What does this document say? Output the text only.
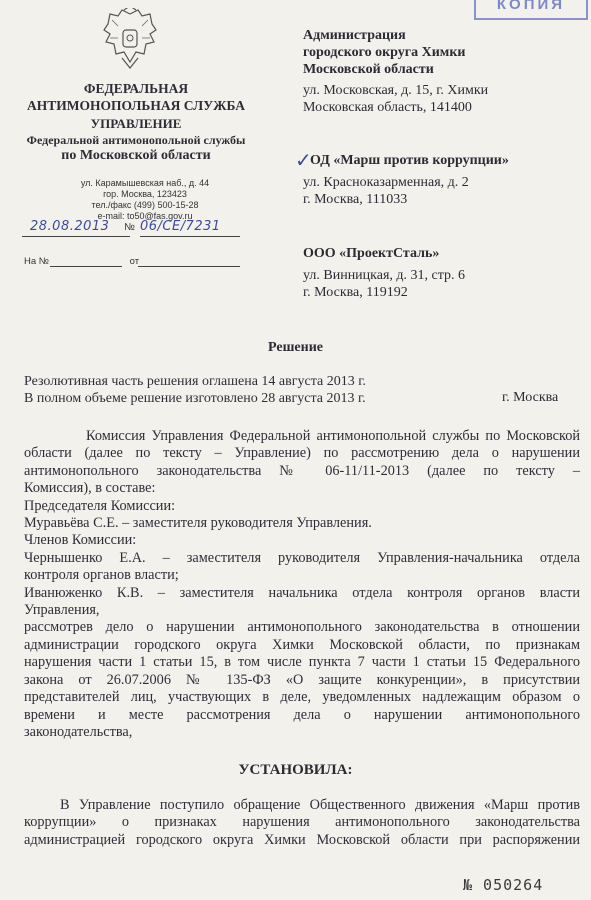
КОПИЯ
ФЕДЕРАЛЬНАЯ
АНТИМОНОПОЛЬНАЯ СЛУЖБА
УПРАВЛЕНИЕ
Федеральной антимонопольной службы
по Московской области
ул. Карамышевская наб., д. 44
гор. Москва, 123423
тел./факс (499) 500-15-28
e-mail: to50@fas.gov.ru
28.08.2013 № 06/СЕ/7231
На №	от
Администрация
городского округа Химки
Московской области
ул. Московская, д. 15, г. Химки
Московская область, 141400
✓
ОД «Марш против коррупции»
ул. Красноказарменная, д. 2
г. Москва, 111033
ООО «ПроектСталь»
ул. Винницкая, д. 31, стр. 6
г. Москва, 119192
Решение
Резолютивная часть решения оглашена 14 августа 2013 г.
В полном объеме решение изготовлено 28 августа 2013 г.	г. Москва
Комиссия Управления Федеральной антимонопольной службы по Московской
области (далее по тексту – Управление) по рассмотрению дела о нарушении
антимонопольного законодательства № 06-11/11-2013 (далее по тексту –
Комиссия), в составе:
Председателя Комиссии:
Муравьёва С.Е. – заместителя руководителя Управления.
Членов Комиссии:
Чернышенко Е.А. – заместителя руководителя Управления-начальника отдела
контроля органов власти;
Иванюженко К.В. – заместителя начальника отдела контроля органов власти
Управления,
рассмотрев дело о нарушении антимонопольного законодательства в отношении
администрации городского округа Химки Московской области, по признакам
нарушения части 1 статьи 15, в том числе пункта 7 части 1 статьи 15 Федерального
закона от 26.07.2006 № 135-ФЗ «О защите конкуренции», в присутствии
представителей лиц, участвующих в деле, уведомленных надлежащим образом о
времени и месте рассмотрения дела о нарушении антимонопольного
законодательства,
УСТАНОВИЛА:
В Управление поступило обращение Общественного движения «Марш против
коррупции» о признаках нарушения антимонопольного законодательства
администрацией городского округа Химки Московской области при распоряжении
№ 050264
